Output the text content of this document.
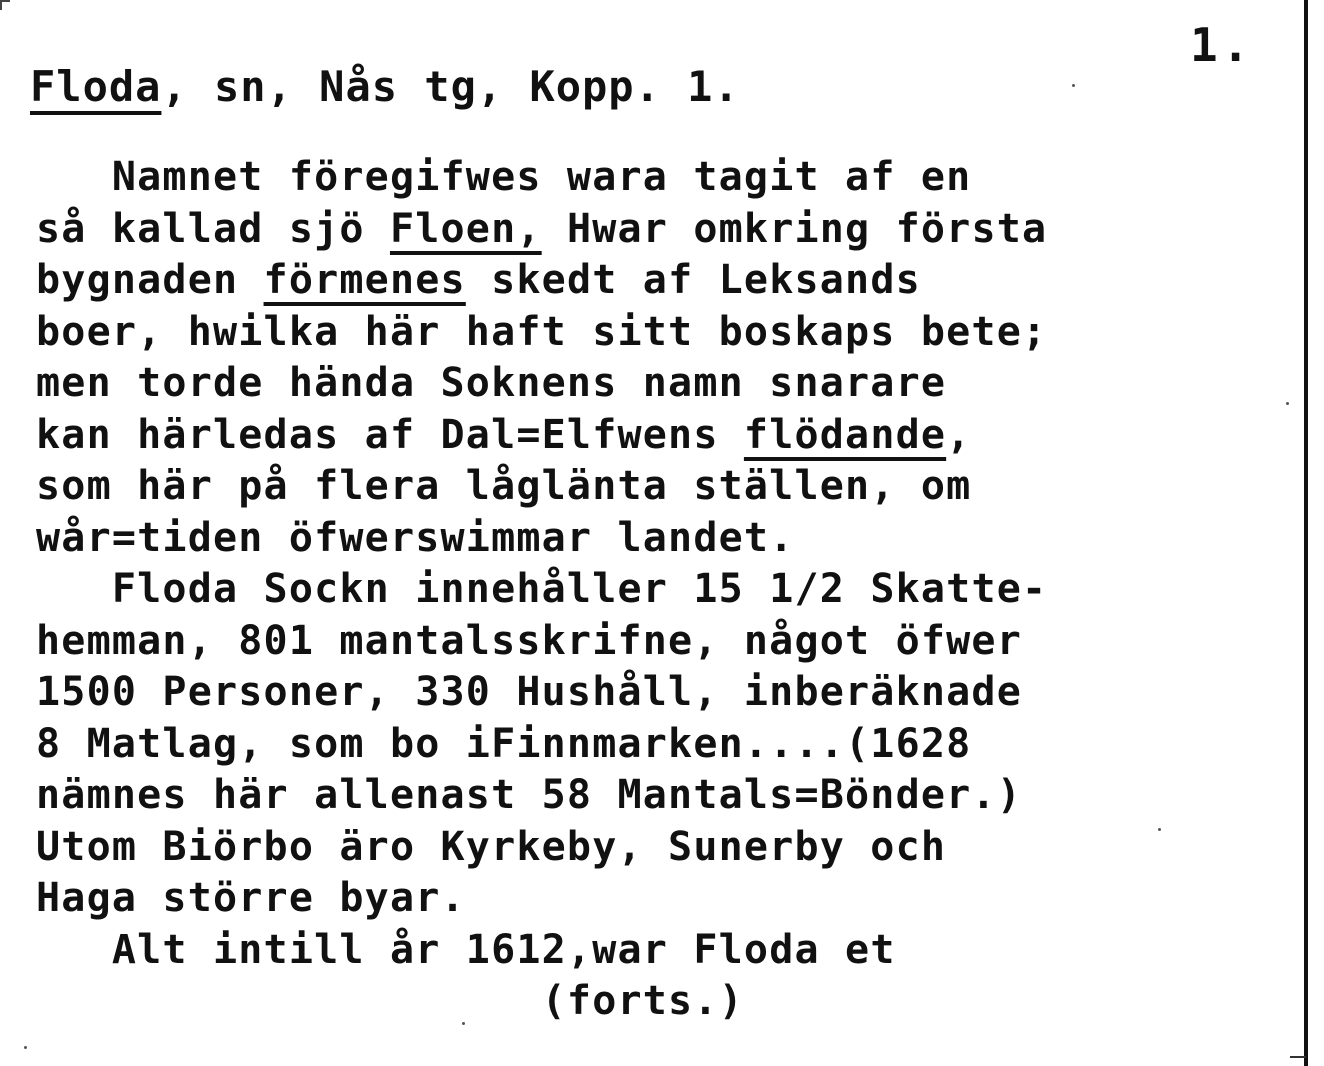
1.
Floda, sn, Nås tg, Kopp. 1.
Namnet föregifwes wara tagit af en
så kallad sjö Floen, Hwar omkring första
bygnaden förmenes skedt af Leksands
boer, hwilka här haft sitt boskaps bete;
men torde hända Soknens namn snarare
kan härledas af Dal=Elfwens flödande,
som här på flera låglänta ställen, om
wår=tiden öfwerswimmar landet.
Floda Sockn innehåller 15 1/2 Skatte-
hemman, 801 mantalsskrifne, något öfwer
1500 Personer, 330 Hushåll, inberäknade
8 Matlag, som bo iFinnmarken....(1628
nämnes här allenast 58 Mantals=Bönder.)
Utom Biörbo äro Kyrkeby, Sunerby och
Haga större byar.
Alt intill år 1612,war Floda et
(forts.)
